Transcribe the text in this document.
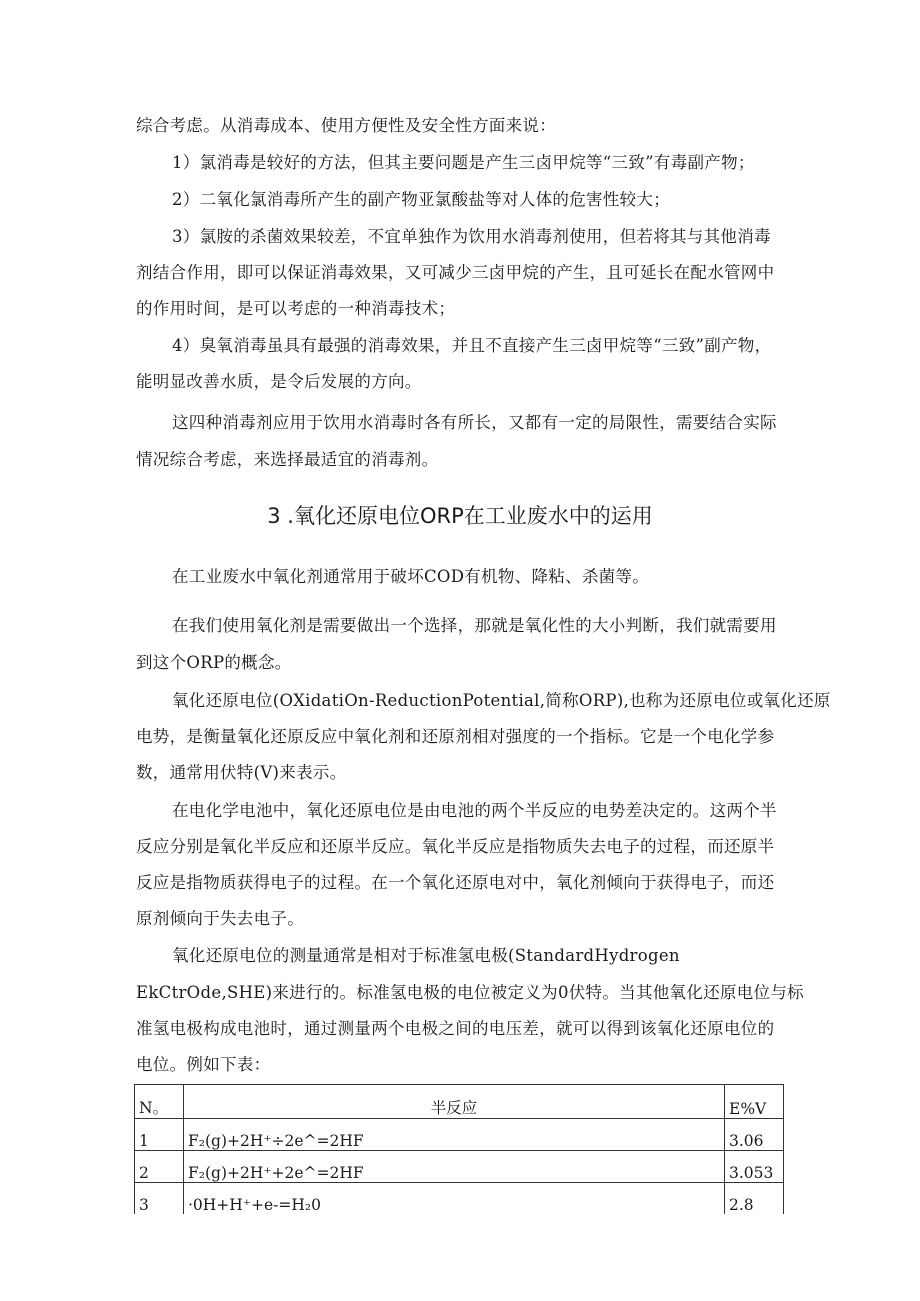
综合考虑。从消毒成本、使用方便性及安全性方面来说：
1）氯消毒是较好的方法，但其主要问题是产生三卤甲烷等“三致”有毒副产物；
2）二氧化氯消毒所产生的副产物亚氯酸盐等对人体的危害性较大；
3）氯胺的杀菌效果较差，不宜单独作为饮用水消毒剂使用，但若将其与其他消毒
剂结合作用，即可以保证消毒效果，又可减少三卤甲烷的产生，且可延长在配水管网中
的作用时间，是可以考虑的一种消毒技术；
4）臭氧消毒虽具有最强的消毒效果，并且不直接产生三卤甲烷等“三致”副产物，
能明显改善水质，是令后发展的方向。
这四种消毒剂应用于饮用水消毒时各有所长，又都有一定的局限性，需要结合实际
情况综合考虑，来选择最适宜的消毒剂。
3 .氧化还原电位ORP在工业废水中的运用
在工业废水中氧化剂通常用于破坏COD有机物、降粘、杀菌等。
在我们使用氧化剂是需要做出一个选择，那就是氧化性的大小判断，我们就需要用
到这个ORP的概念。
氧化还原电位(OXidatiOn-ReductionPotential,简称ORP),也称为还原电位或氧化还原
电势，是衡量氧化还原反应中氧化剂和还原剂相对强度的一个指标。它是一个电化学参
数，通常用伏特(V)来表示。
在电化学电池中，氧化还原电位是由电池的两个半反应的电势差决定的。这两个半
反应分别是氧化半反应和还原半反应。氧化半反应是指物质失去电子的过程，而还原半
反应是指物质获得电子的过程。在一个氧化还原电对中，氧化剂倾向于获得电子，而还
原剂倾向于失去电子。
氧化还原电位的测量通常是相对于标准氢电极(StandardHydrogen
EkCtrOde,SHE)来进行的。标准氢电极的电位被定义为0伏特。当其他氧化还原电位与标
准氢电极构成电池时，通过测量两个电极之间的电压差，就可以得到该氧化还原电位的
电位。例如下表：
N。	半反应	E%V
1	F₂(g)+2H⁺÷2e^=2HF	3.06
2	F₂(g)+2H⁺+2e^=2HF	3.053
3	·0H+H⁺+e-=H₂0	2.8
